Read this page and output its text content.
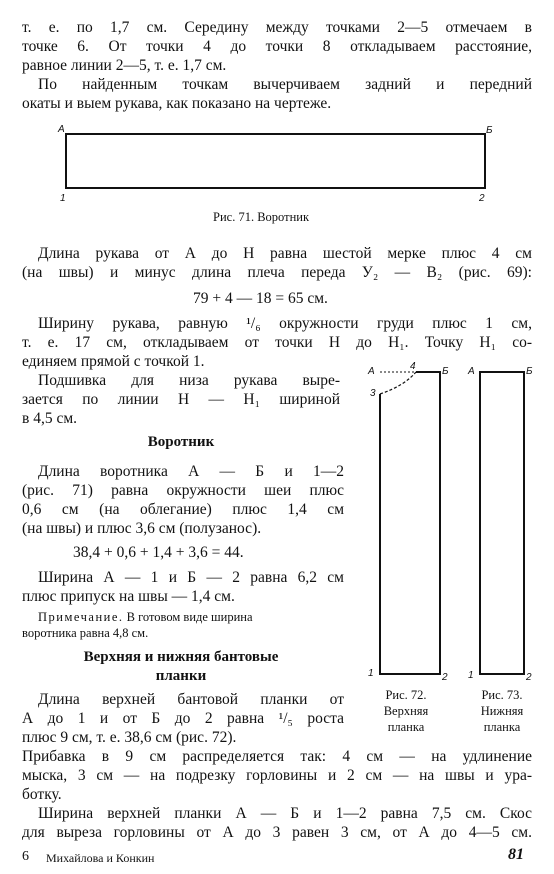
т. е. по 1,7 см. Середину между точками 2—5 отмечаем в

точке 6. От точки 4 до точки 8 откладываем расстояние,

равное линии 2—5, т. е. 1,7 см.

По найденным точкам вычерчиваем задний и передний

окаты и выем рукава, как показано на чертеже.

А	Б
1	2

Рис. 71. Воротник

Длина рукава от А до Н равна шестой мерке плюс 4 см

(на швы) и минус длина плеча переда У₂ — В₂ (рис. 69):

79 + 4 — 18 = 65 см.

Ширину рукава, равную ¹/₆ окружности груди плюс 1 см,

т. е. 17 см, откладываем от точки Н до Н₁. Точку Н₁ со-

единяем прямой с точкой 1.

Подшивка для низа рукава выре-

зается по линии Н — Н₁ шириной

в 4,5 см.

Воротник

Длина воротника А — Б и 1—2

(рис. 71) равна окружности шеи плюс

0,6 см (на облегание) плюс 1,4 см

(на швы) и плюс 3,6 см (полузанос).

38,4 + 0,6 + 1,4 + 3,6 = 44.

Ширина А — 1 и Б — 2 равна 6,2 см

плюс припуск на швы — 1,4 см.

Примечание. В готовом виде ширина

воротника равна 4,8 см.

Верхняя и нижняя бантовые

планки

Длина верхней бантовой планки от

А до 1 и от Б до 2 равна ¹/₅ роста

плюс 9 см, т. е. 38,6 см (рис. 72).

Прибавка в 9 см распределяется так: 4 см — на удлинение

мыска, 3 см — на подрезку горловины и 2 см — на швы и ура-

ботку.

Ширина верхней планки А — Б и 1—2 равна 7,5 см. Скос

для выреза горловины от А до 3 равен 3 см, от А до 4—5 см.

А	4	Б
3
1	2

Рис. 72.

Верхняя

планка

А	Б
1	2

Рис. 73.

Нижняя

планка

6 Михайлова и Конкин	81
